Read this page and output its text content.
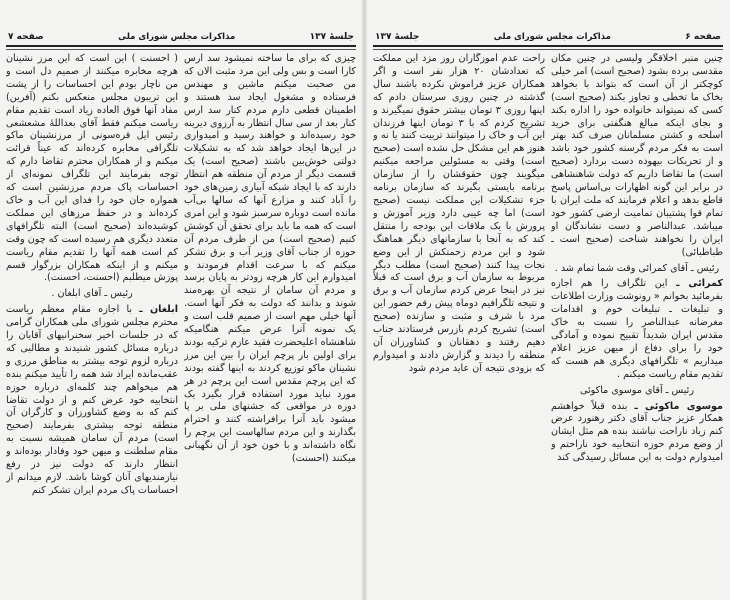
جلسهٔ ۱۳۷
مذاکرات مجلس شورای ملی
صفحه ۷

چیزی که برای ما ساخته نمیشود سد ارس کارا است و بس ولی این مرد مثبت الان که من صحبت میکنم ماشین و مهندس فرستاده و مشغول ایجاد سد هستند و اطمینان قطعی دارم مردم کنار سد ارس کنار بعد از سی سال انتظار به آرزوی دیرینه خود رسیده‌اند و خواهند رسید و امیدواری در این‌ها ایجاد خواهد شد که به تشکیلات دولتی خوش‌بین باشند (صحیح است) یک قسمت دیگر از مردم آن منطقه هم انتظار دارند که با ایجاد شبکه آبیاری زمین‌های خود را آباد کنند و مزارع آنها که سالها بی‌آب مانده است دوباره سرسبز شود و این امری است که همه ما باید برای تحقق آن کوشش کنیم (صحیح است) من از طرف مردم آن حوزه از جناب آقای وزیر آب و برق تشکر میکنم که با سرعت اقدام فرمودند و امیدوارم این کار هرچه زودتر به پایان برسد و مردم آن سامان از نتیجه آن بهره‌مند شوند و بدانند که دولت به فکر آنها است. آنها خیلی مهم است از صمیم قلب است و یک نمونه آنرا عرض میکنم هنگامیکه شاهنشاه اعلیحضرت فقید عازم ترکیه بودند برای اولین بار پرچم ایران را بین این مرز نشینان ماکو توزیع کردند به اینها گفته بودند که این پرچم مقدس است این پرچم در هر مورد نباید مورد استفاده قرار بگیرد یک دوره در مواقعی که جشنهای ملی بر پا میشود باید آنرا برافراشته کنند و احترام بگذارند و این مردم سالهاست این پرچم را نگاه داشته‌اند و با خون خود از آن نگهبانی میکنند (احسنت)

( احسنت ) این است که این مرز نشینان هرچه مخابره میکنند از صمیم دل است و من ناچار بودم این احساسات را از پشت این تریبون مجلس منعکس بکنم (آفرین) مفاد آنها فوق العاده زیاد است تقدیم مقام ریاست میکنم فقط آقای بعداللهٔ مشعشعی رئیس ایل قره‌سونی از مرزنشینان ماکو تلگرافی مخابره کرده‌اند که عیناً قرائت میکنم و از همکاران محترم تقاضا دارم که توجه بفرمایند این تلگراف نمونه‌ای از احساسات پاک مردم مرزنشین است که همواره جان خود را فدای این آب و خاک کرده‌اند و در حفظ مرزهای این مملکت کوشیده‌اند (صحیح است) البته تلگرافهای متعدد دیگری هم رسیده است که چون وقت کم است همه آنها را تقدیم مقام ریاست میکنم و از اینکه همکاران بزرگوار قسم پوزش میطلبم (احسنت، احسنت).

رئیس ـ آقای ابلغان .

ابلغان ـ با اجازه مقام معظم ریاست محترم مجلس شورای ملی همکاران گرامی که در جلسات اخیر سخنرانیهای آقایان را درباره مسائل کشور شنیدند و مطالبی که درباره لزوم توجه بیشتر به مناطق مرزی و عقب‌مانده ایراد شد همه را تأیید میکنم بنده هم میخواهم چند کلمه‌ای درباره حوزه انتخابیه خود عرض کنم و از دولت تقاضا کنم که به وضع کشاورزان و کارگران آن منطقه توجه بیشتری بفرمایند (صحیح است) مردم آن سامان همیشه نسبت به مقام سلطنت و میهن خود وفادار بوده‌اند و انتظار دارند که دولت نیز در رفع نیازمندیهای آنان کوشا باشد. لازم میدانم از احساسات پاک مردم ایران تشکر کنم

صفحه ۶
مذاکرات مجلس شورای ملی
جلسهٔ ۱۳۷

چنین منبر اخلاقگر ولیسی در چنین مکان مقدسی برده بشود (صحیح است) امر خیلی کوچکتر از آن است که بتواند با بخواهد بخاک ما تخطی و تجاوز بکند (صحیح است) کسی که نمیتواند خانواده خود را اداره بکند و بجای اینکه مبالغ هنگفتی برای خرید اسلحه و کشتن مسلمانان صرف کند بهتر است به فکر مردم گرسنه کشور خود باشد و از تحریکات بیهوده دست بردارد (صحیح است) ما تقاضا داریم که دولت شاهنشاهی در برابر این گونه اظهارات بی‌اساس پاسخ قاطع بدهد و اعلام فرمایند که ملت ایران با تمام قوا پشتیبان تمامیت ارضی کشور خود میباشد. عبدالناصر و دست نشاندگان او ایران را نخواهند شناخت (صحیح است ـ طباطبائی)

رئیس ـ آقای کمرائی وقت شما تمام شد .

کمرائی ـ این تلگراف را هم اجازه بفرمائید بخوانم « رونوشت وزارت اطلاعات و تبلیغات ـ تبلیغات خوم و اقدامات مغرضانه عبدالناصر را نسبت به خاک مقدس ایران شدیداً تقبیح نموده و آمادگی خود را برای دفاع از میهن عزیز اعلام میداریم » تلگرافهای دیگری هم هست که تقدیم مقام ریاست میکنم .

رئیس ـ آقای موسوی ماکوئی

موسوی ماکوئی ـ بنده قبلاً خواهشم همکار عزیز جناب آقای دکتر رهنورد عرض کنم زیاد ناراحت نباشند بنده هم مثل ایشان از وضع مردم حوزه انتخابیه خود ناراحتم و امیدوارم دولت به این مسائل رسیدگی کند

راحت عدم آموزگاران روز مزد این مملکت که تعدادشان ۲۰ هزار نفر است و اگر همکاران عزیز فراموش نکرده باشند سال گذشته در چنین روزی سرستان دادم که اینها روزی ۳ تومان بیشتر حقوق نمیگیرند و تشریح کردم که با ۳ تومان اینها فرزندان این آب و خاک را میتوانند تربیت کنند یا نه و هنوز هم این مشکل حل نشده است (صحیح است) وقتی به مسئولین مراجعه میکنیم میگویند چون حقوقشان را از سازمان برنامه بایستی بگیرند که سازمان برنامه جزء تشکیلات این مملکت نیست (صحیح است) اما چه عیبی دارد وزیر آموزش و پرورش با یک ملاقات این بودجه را منتقل کند که به آنجا با سازمانهای دیگر هماهنگ شود و این مردم زحمتکش از این وضع نجات پیدا کنند (صحیح است) مطلب دیگر مربوط به سازمان آب و برق است که قبلاً نیز در اینجا عرض کردم سازمان آب و برق و نتیجه تلگرافیم دوماه پیش رقم حضور این مرد با شرف و مثبت و سازنده (صحیح است) تشریح کردم بازرس فرستادند جناب دهیم رفتند و دهقانان و کشاورزان آن منطقه را دیدند و گزارش دادند و امیدوارم که بزودی نتیجه آن عاید مردم شود
